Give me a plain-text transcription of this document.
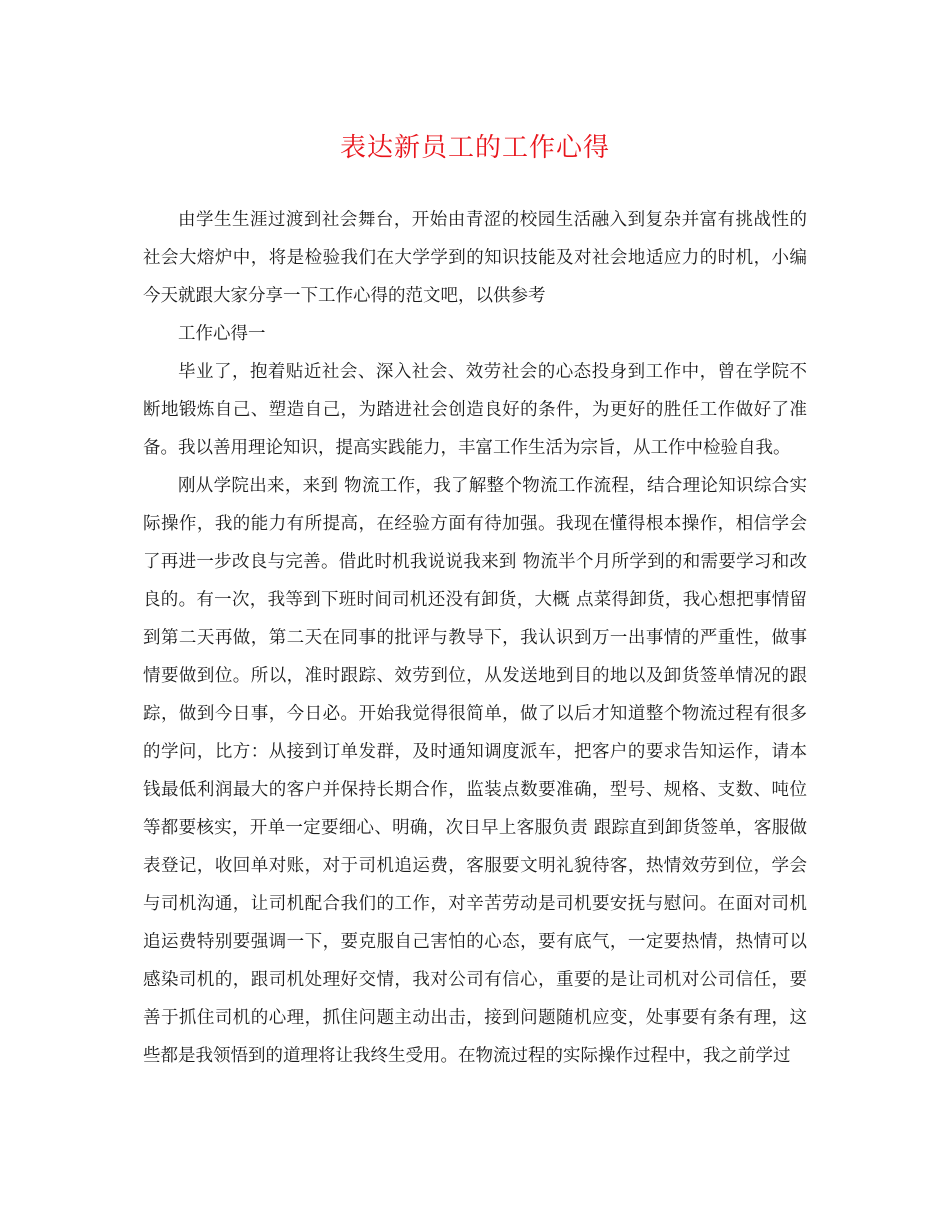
表达新员工的工作心得

由学生生涯过渡到社会舞台，开始由青涩的校园生活融入到复杂并富有挑战性的社会大熔炉中，将是检验我们在大学学到的知识技能及对社会地适应力的时机，小编今天就跟大家分享一下工作心得的范文吧，以供参考

工作心得一

毕业了，抱着贴近社会、深入社会、效劳社会的心态投身到工作中，曾在学院不断地锻炼自己、塑造自己，为踏进社会创造良好的条件，为更好的胜任工作做好了准备。我以善用理论知识，提高实践能力，丰富工作生活为宗旨，从工作中检验自我。

刚从学院出来，来到 物流工作，我了解整个物流工作流程，结合理论知识综合实际操作，我的能力有所提高，在经验方面有待加强。我现在懂得根本操作，相信学会了再进一步改良与完善。借此时机我说说我来到 物流半个月所学到的和需要学习和改良的。有一次，我等到下班时间司机还没有卸货，大概 点菜得卸货，我心想把事情留到第二天再做，第二天在同事的批评与教导下，我认识到万一出事情的严重性，做事情要做到位。所以，准时跟踪、效劳到位，从发送地到目的地以及卸货签单情况的跟踪，做到今日事，今日必。开始我觉得很简单，做了以后才知道整个物流过程有很多的学问，比方：从接到订单发群，及时通知调度派车，把客户的要求告知运作，请本钱最低利润最大的客户并保持长期合作，监装点数要准确，型号、规格、支数、吨位等都要核实，开单一定要细心、明确，次日早上客服负责 跟踪直到卸货签单，客服做表登记，收回单对账，对于司机追运费，客服要文明礼貌待客，热情效劳到位，学会与司机沟通，让司机配合我们的工作，对辛苦劳动是司机要安抚与慰问。在面对司机追运费特别要强调一下，要克服自己害怕的心态，要有底气，一定要热情，热情可以感染司机的，跟司机处理好交情，我对公司有信心，重要的是让司机对公司信任，要善于抓住司机的心理，抓住问题主动出击，接到问题随机应变，处事要有条有理，这些都是我领悟到的道理将让我终生受用。在物流过程的实际操作过程中，我之前学过
